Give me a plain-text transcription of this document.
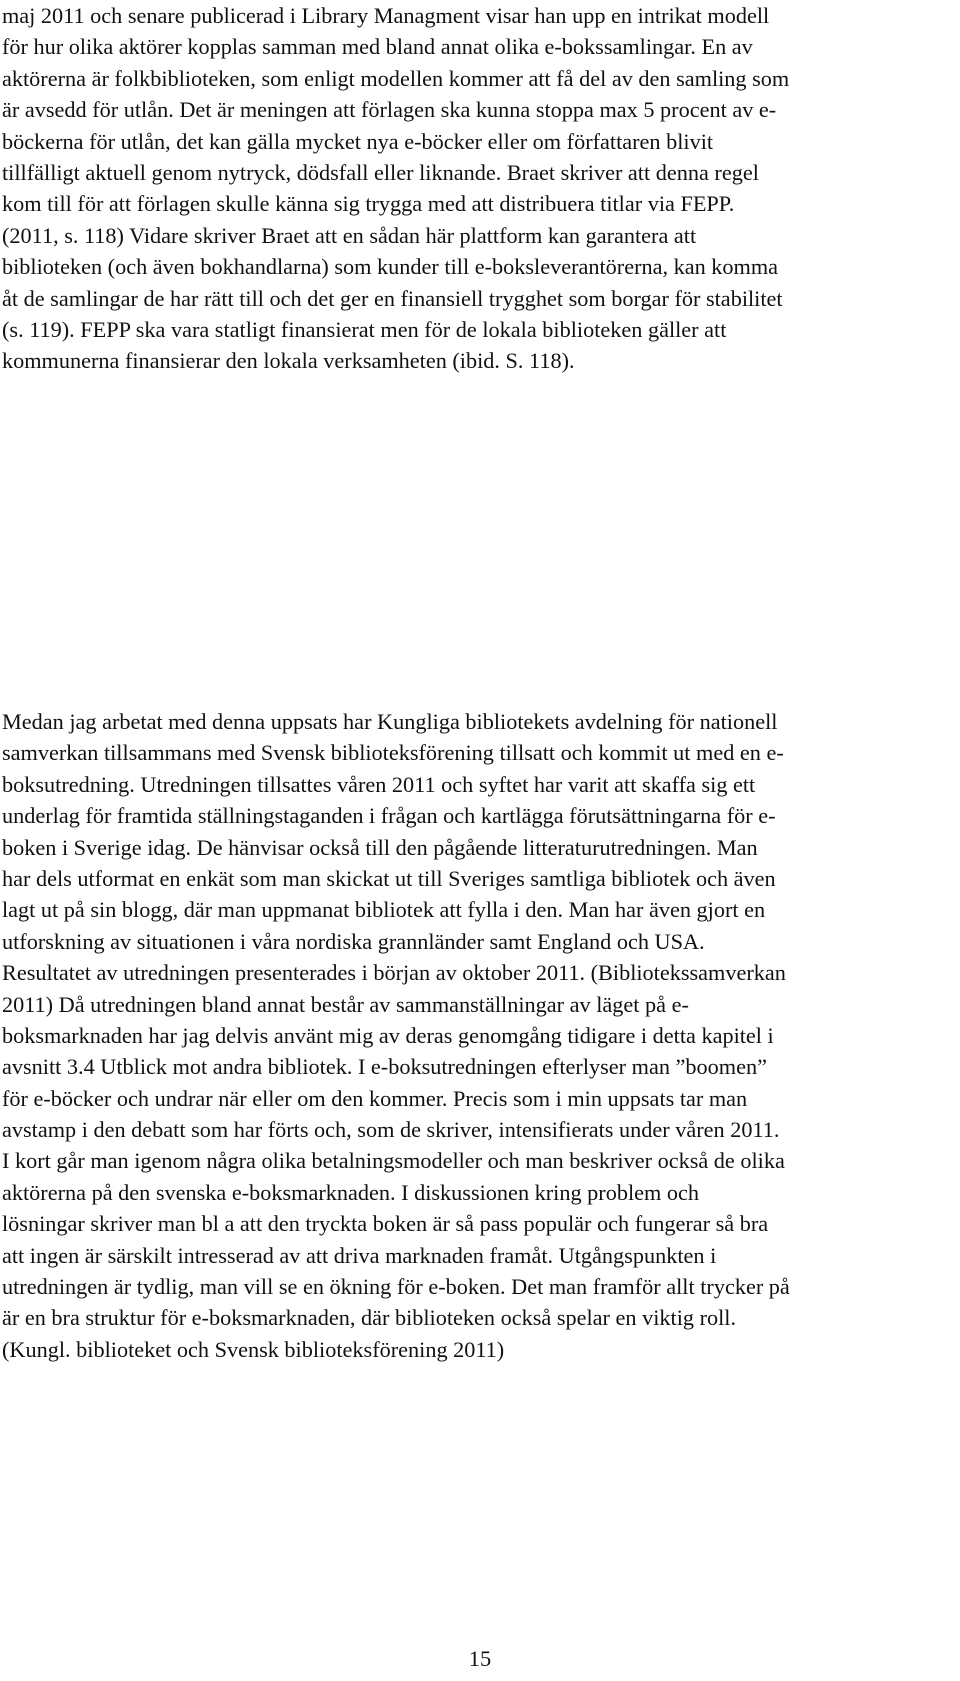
maj 2011 och senare publicerad i Library Managment visar han upp en intrikat modell
för hur olika aktörer kopplas samman med bland annat olika e-bokssamlingar. En av
aktörerna är folkbiblioteken, som enligt modellen kommer att få del av den samling som
är avsedd för utlån. Det är meningen att förlagen ska kunna stoppa max 5 procent av e-
böckerna för utlån, det kan gälla mycket nya e-böcker eller om författaren blivit
tillfälligt aktuell genom nytryck, dödsfall eller liknande. Braet skriver att denna regel
kom till för att förlagen skulle känna sig trygga med att distribuera titlar via FEPP.
(2011, s. 118) Vidare skriver Braet att en sådan här plattform kan garantera att
biblioteken (och även bokhandlarna) som kunder till e-boksleverantörerna, kan komma
åt de samlingar de har rätt till och det ger en finansiell trygghet som borgar för stabilitet
(s. 119). FEPP ska vara statligt finansierat men för de lokala biblioteken gäller att
kommunerna finansierar den lokala verksamheten (ibid. S. 118).
Medan jag arbetat med denna uppsats har Kungliga bibliotekets avdelning för nationell
samverkan tillsammans med Svensk biblioteksförening tillsatt och kommit ut med en e-
boksutredning. Utredningen tillsattes våren 2011 och syftet har varit att skaffa sig ett
underlag för framtida ställningstaganden i frågan och kartlägga förutsättningarna för e-
boken i Sverige idag. De hänvisar också till den pågående litteraturutredningen. Man
har dels utformat en enkät som man skickat ut till Sveriges samtliga bibliotek och även
lagt ut på sin blogg, där man uppmanat bibliotek att fylla i den. Man har även gjort en
utforskning av situationen i våra nordiska grannländer samt England och USA.
Resultatet av utredningen presenterades i början av oktober 2011. (Bibliotekssamverkan
2011) Då utredningen bland annat består av sammanställningar av läget på e-
boksmarknaden har jag delvis använt mig av deras genomgång tidigare i detta kapitel i
avsnitt 3.4 Utblick mot andra bibliotek. I e-boksutredningen efterlyser man ”boomen”
för e-böcker och undrar när eller om den kommer. Precis som i min uppsats tar man
avstamp i den debatt som har förts och, som de skriver, intensifierats under våren 2011.
I kort går man igenom några olika betalningsmodeller och man beskriver också de olika
aktörerna på den svenska e-boksmarknaden. I diskussionen kring problem och
lösningar skriver man bl a att den tryckta boken är så pass populär och fungerar så bra
att ingen är särskilt intresserad av att driva marknaden framåt. Utgångspunkten i
utredningen är tydlig, man vill se en ökning för e-boken. Det man framför allt trycker på
är en bra struktur för e-boksmarknaden, där biblioteken också spelar en viktig roll.
(Kungl. biblioteket och Svensk biblioteksförening 2011)
15
